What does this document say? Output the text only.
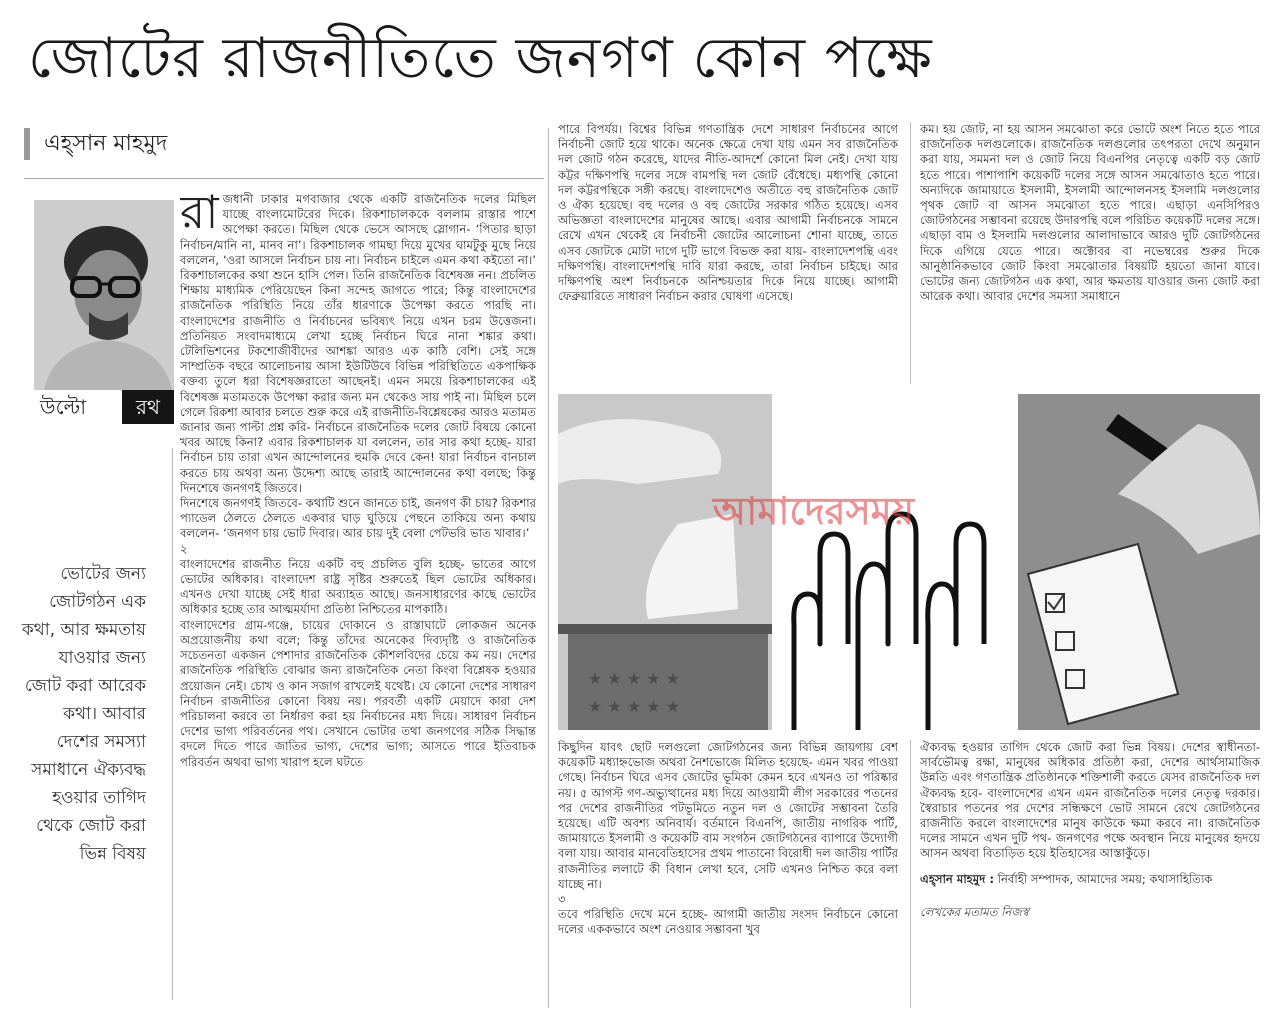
জোটের রাজনীতিতে জনগণ কোন পক্ষে
এহ্‌সান মাহমুদ
উল্টো	রথ
ভোটের জন্য জোটগঠন এক কথা, আর ক্ষমতায় যাওয়ার জন্য জোট করা আরেক কথা। আবার দেশের সমস্যা সমাধানে ঐক্যবদ্ধ হওয়ার তাগিদ থেকে জোট করা ভিন্ন বিষয়
রা জধানী ঢাকার মগবাজার থেকে একটি রাজনৈতিক দলের মিছিল যাচ্ছে বাংলামোটরের দিকে। রিকশাচালককে বললাম রাস্তার পাশে অপেক্ষা করতে। মিছিল থেকে ভেসে আসছে স্লোগান- ‘পিতার ছাড়া নির্বাচন/মানি না, মানব না’। রিকশাচালক গামছা দিয়ে মুখের ঘামটুকু মুছে নিয়ে বললেন, ‘ওরা আসলে নির্বাচন চায় না। নির্বাচন চাইলে এমন কথা কইতো না।’ রিকশাচালকের কথা শুনে হাসি পেল। তিনি রাজনৈতিক বিশেষজ্ঞ নন। প্রচলিত শিক্ষায় মাধ্যমিক পেরিয়েছেন কিনা সন্দেহ জাগতে পারে; কিন্তু বাংলাদেশের রাজনৈতিক পরিস্থিতি নিয়ে তাঁর ধারণাকে উপেক্ষা করতে পারছি না। বাংলাদেশের রাজনীতি ও নির্বাচনের ভবিষ্যৎ নিয়ে এখন চরম উত্তেজনা। প্রতিনিয়ত সংবাদমাধ্যমে লেখা হচ্ছে নির্বাচন ঘিরে নানা শঙ্কার কথা। টেলিভিশনের টকশোজীবীদের আশঙ্কা আরও এক কাঠি বেশি। সেই সঙ্গে সাম্প্রতিক বছরে আলোচনায় আসা ইউটিউবে বিভিন্ন পরিস্থিতিতে একপাক্ষিক বক্তব্য তুলে ধরা বিশেষজ্ঞরাতো আছেনই। এমন সময়ে রিকশাচালকের এই বিশেষজ্ঞ মতামতকে উপেক্ষা করার জন্য মন থেকেও সায় পাই না। মিছিল চলে গেলে রিকশা আবার চলতে শুরু করে এই রাজনীতি-বিশ্লেষকের আরও মতামত জানার জন্য পাল্টা প্রশ্ন করি- নির্বাচনে রাজনৈতিক দলের জোট বিষয়ে কোনো খবর আছে কিনা? এবার রিকশাচালক যা বললেন, তার সার কথা হচ্ছে- যারা নির্বাচন চায় তারা এখন আন্দোলনের হুমকি দেবে কেন! যারা নির্বাচন বানচাল করতে চায় অথবা অন্য উদ্দেশ্য আছে তারাই আন্দোলনের কথা বলছে; কিন্তু দিনশেষে জনগণই জিতবে।

দিনশেষে জনগণই জিতবে- কথাটি শুনে জানতে চাই, জনগণ কী চায়? রিকশার প্যাডেল ঠেলতে ঠেলতে একবার ঘাড় ঘুড়িয়ে পেছনে তাকিয়ে অন্য কথায় বললেন- ‘জনগণ চায় ভোট দিবার। আর চায় দুই বেলা পেটভরি ভাত খাবার।’

২

বাংলাদেশের রাজনীত নিয়ে একটি বহু প্রচলিত বুলি হচ্ছে- ভাতের আগে ভোটের অধিকার। বাংলাদেশ রাষ্ট্র সৃষ্টির শুরুতেই ছিল ভোটের অধিকার। এখনও দেখা যাচ্ছে সেই ধারা অব্যাহত আছে। জনসাধারণের কাছে ভোটের অধিকার হচ্ছে তার আত্মমর্যাদা প্রতিষ্ঠা নিশ্চিতের মাপকাঠি।

বাংলাদেশের গ্রাম-গঞ্জে, চায়ের দোকানে ও রাস্তাঘাটে লোকজন অনেক অপ্রয়োজনীয় কথা বলে; কিন্তু তাঁদের অনেকের দিব্যদৃষ্টি ও রাজনৈতিক সচেতনতা একজন পেশাদার রাজনৈতিক কৌশলবিদের চেয়ে কম নয়। দেশের রাজনৈতিক পরিস্থিতি বোঝার জন্য রাজনৈতিক নেতা কিংবা বিশ্লেষক হওয়ার প্রয়োজন নেই। চোখ ও কান সজাগ রাখলেই যথেষ্ট। যে কোনো দেশের সাধারণ নির্বাচন রাজনীতির কোনো বিষয় নয়। পরবর্তী একটি মেয়াদে কারা দেশ পরিচালনা করবে তা নির্ধারণ করা হয় নির্বাচনের মধ্য দিয়ে। সাধারণ নির্বাচন দেশের ভাগ্য পরিবর্তনের পথ। সেখানে ভোটার তথা জনগণের সঠিক সিদ্ধান্ত বদলে দিতে পারে জাতির ভাগ্য, দেশের ভাগ্য; আসতে পারে ইতিবাচক পরিবর্তন অথবা ভাগ্য খারাপ হলে ঘটতে

পারে বিপর্যয়। বিশ্বের বিভিন্ন গণতান্ত্রিক দেশে সাধারণ নির্বাচনের আগে নির্বাচনী জোট হয়ে থাকে। অনেক ক্ষেত্রে দেখা যায় এমন সব রাজনৈতিক দল জোট গঠন করেছে, যাদের নীতি-আদর্শে কোনো মিল নেই। দেখা যায় কট্টর দক্ষিণপন্থি দলের সঙ্গে বামপন্থি দল জোট বেঁধেছে। মধ্যপন্থি কোনো দল কট্টরপন্থিকে সঙ্গী করছে। বাংলাদেশেও অতীতে বহু রাজনৈতিক জোট ও ঐক্য হয়েছে। বহু দলের ও বহু জোটের সরকার গঠিত হয়েছে। এসব অভিজ্ঞতা বাংলাদেশের মানুষের আছে। এবার আগামী নির্বাচনকে সামনে রেখে এখন থেকেই যে নির্বাচনী জোটের আলোচনা শোনা যাচ্ছে, তাতে এসব জোটকে মোটা দাগে দুটি ভাগে বিভক্ত করা যায়- বাংলাদেশপন্থি এবং দক্ষিণপন্থি। বাংলাদেশপন্থি দাবি যারা করছে, তারা নির্বাচন চাইছে। আর দক্ষিণপন্থি অংশ নির্বাচনকে অনিশ্চয়তার দিকে নিয়ে যাচ্ছে। আগামী ফেব্রুয়ারিতে সাধারণ নির্বাচন করার ঘোষণা এসেছে।

কম। হয় জোট, না হয় আসন সমঝোতা করে ভোটে অংশ নিতে হতে পারে রাজনৈতিক দলগুলোকে। রাজনৈতিক দলগুলোর তৎপরতা দেখে অনুমান করা যায়, সমমনা দল ও জোট নিয়ে বিএনপির নেতৃত্বে একটি বড় জোট হতে পারে। পাশাপাশি কয়েকটি দলের সঙ্গে আসন সমঝোতাও হতে পারে। অন্যদিকে জামায়াতে ইসলামী, ইসলামী আন্দোলনসহ ইসলামি দলগুলোর পৃথক জোট বা আসন সমঝোতা হতে পারে। এছাড়া এনসিপিরও জোটগঠনের সম্ভাবনা রয়েছে উদারপন্থি বলে পরিচিত কয়েকটি দলের সঙ্গে। এছাড়া বাম ও ইসলামি দলগুলোর আলাদাভাবে আরও দুটি জোটগঠনের দিকে এগিয়ে যেতে পারে। অক্টোবর বা নভেম্বরের শুরুর দিকে আনুষ্ঠানিকভাবে জোট কিংবা সমঝোতার বিষয়টি হয়তো জানা যাবে। ভোটের জন্য জোটগঠন এক কথা, আর ক্ষমতায় যাওয়ার জন্য জোট করা আরেক কথা। আবার দেশের সমস্যা সমাধানে

★ ★ ★ ★ ★
★ ★ ★ ★ ★
আমাদেরসময়

কিছুদিন যাবৎ ছোট দলগুলো জোটগঠনের জন্য বিভিন্ন জায়গায় বেশ কয়েকটি মধ্যাহ্নভোজ অথবা নৈশভোজে মিলিত হয়েছে- এমন খবর পাওয়া গেছে। নির্বাচন ঘিরে এসব জোটের ভূমিকা কেমন হবে এখনও তা পরিষ্কার নয়। ৫ আগস্ট গণ-অভ্যুত্থানের মধ্য দিয়ে আওয়ামী লীগ সরকারের পতনের পর দেশের রাজনীতির পটভূমিতে নতুন দল ও জোটের সম্ভাবনা তৈরি হয়েছে। এটি অবশ্য অনিবার্য। বর্তমানে বিএনপি, জাতীয় নাগরিক পার্টি, জামায়াতে ইসলামী ও কয়েকটি বাম সংগঠন জোটগঠনের ব্যাপারে উদ্যোগী বলা যায়। আবার মানবেতিহাসের প্রথম পাতানো বিরোধী দল জাতীয় পার্টির রাজনীতির ললাটে কী বিধান লেখা হবে, সেটি এখনও নিশ্চিত করে বলা যাচ্ছে না।

৩

তবে পরিস্থিতি দেখে মনে হচ্ছে- আগামী জাতীয় সংসদ নির্বাচনে কোনো দলের এককভাবে অংশ নেওয়ার সম্ভাবনা খুব

ঐক্যবদ্ধ হওয়ার তাগিদ থেকে জোট করা ভিন্ন বিষয়। দেশের স্বাধীনতা-সার্বভৌমত্ব রক্ষা, মানুষের অধিকার প্রতিষ্ঠা করা, দেশের আর্থসামাজিক উন্নতি এবং গণতান্ত্রিক প্রতিষ্ঠানকে শক্তিশালী করতে যেসব রাজনৈতিক দল ঐক্যবদ্ধ হবে- বাংলাদেশের এখন এমন রাজনৈতিক দলের নেতৃত্ব দরকার। স্বৈরাচার পতনের পর দেশের সন্ধিক্ষণে ভোট সামনে রেখে জোটগঠনের রাজনীতি করলে বাংলাদেশের মানুষ কাউকে ক্ষমা করবে না। রাজনৈতিক দলের সামনে এখন দুটি পথ- জনগণের পক্ষে অবস্থান নিয়ে মানুষের হৃদয়ে আসন অথবা বিতাড়িত হয়ে ইতিহাসের আস্তাকুঁড়ে।

এহ্‌সান মাহমুদ : নির্বাহী সম্পাদক, আমাদের সময়; কথাসাহিত্যিক

লেখকের মতামত নিজস্ব
